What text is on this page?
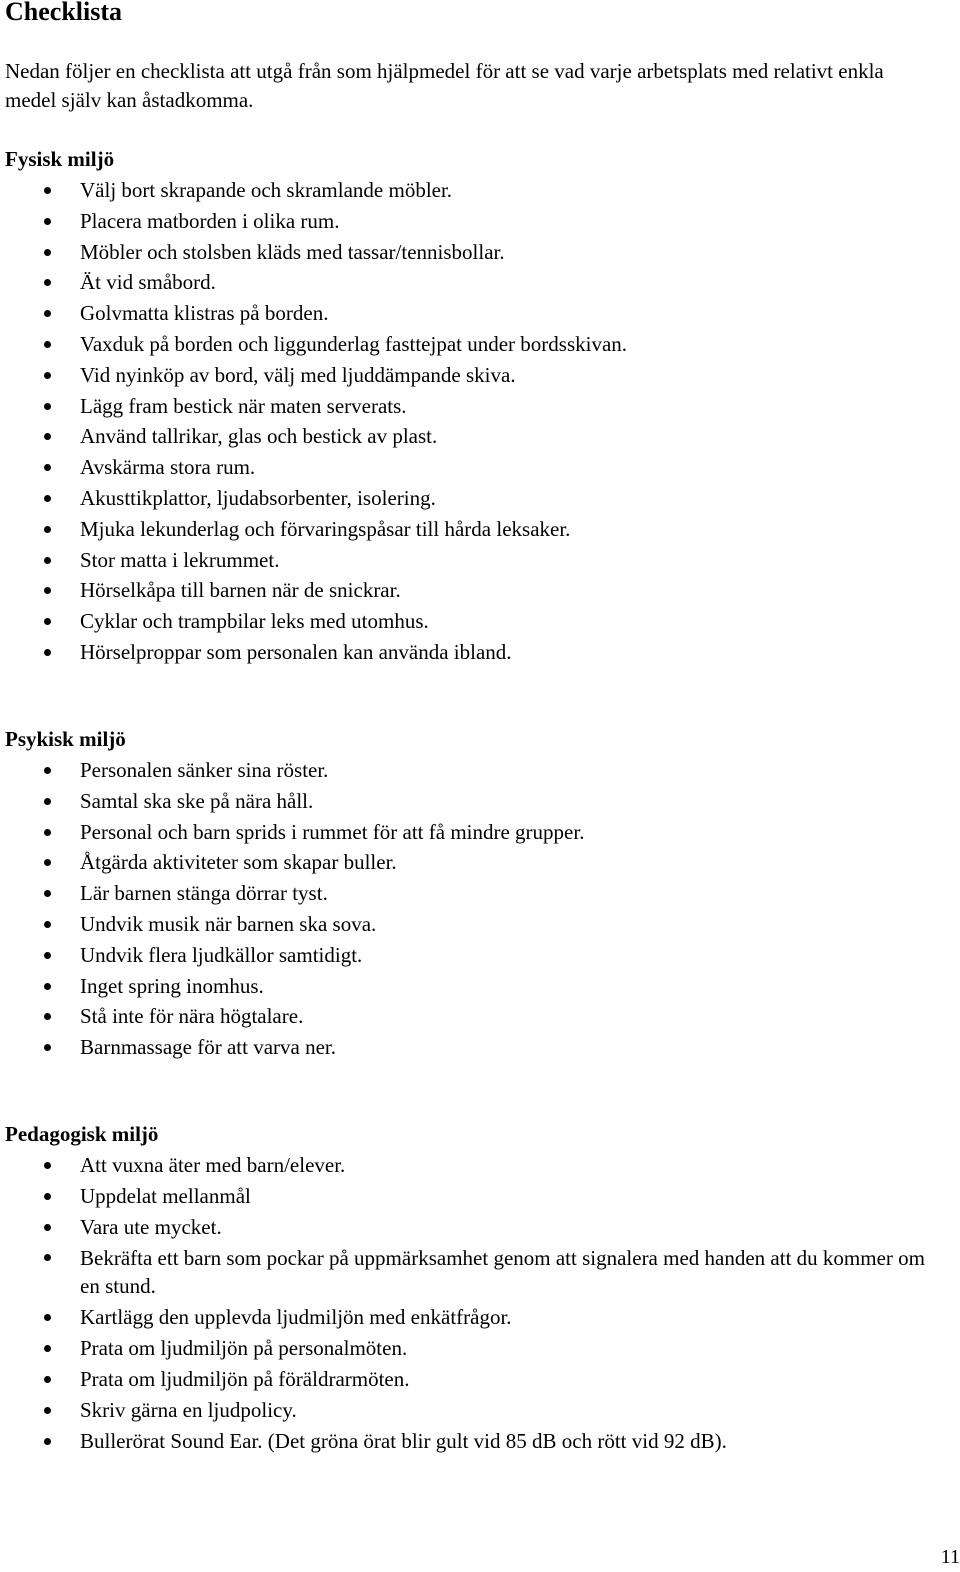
Checklista

Nedan följer en checklista att utgå från som hjälpmedel för att se vad varje arbetsplats med relativt enkla medel själv kan åstadkomma.

Fysisk miljö
Välj bort skrapande och skramlande möbler.
Placera matborden i olika rum.
Möbler och stolsben kläds med tassar/tennisbollar.
Ät vid småbord.
Golvmatta klistras på borden.
Vaxduk på borden och liggunderlag fasttejpat under bordsskivan.
Vid nyinköp av bord, välj med ljuddämpande skiva.
Lägg fram bestick när maten serverats.
Använd tallrikar, glas och bestick av plast.
Avskärma stora rum.
Akusttikplattor, ljudabsorbenter, isolering.
Mjuka lekunderlag och förvaringspåsar till hårda leksaker.
Stor matta i lekrummet.
Hörselkåpa till barnen när de snickrar.
Cyklar och trampbilar leks med utomhus.
Hörselproppar som personalen kan använda ibland.
Psykisk miljö
Personalen sänker sina röster.
Samtal ska ske på nära håll.
Personal och barn sprids i rummet för att få mindre grupper.
Åtgärda aktiviteter som skapar buller.
Lär barnen stänga dörrar tyst.
Undvik musik när barnen ska sova.
Undvik flera ljudkällor samtidigt.
Inget spring inomhus.
Stå inte för nära högtalare.
Barnmassage för att varva ner.
Pedagogisk miljö
Att vuxna äter med barn/elever.
Uppdelat mellanmål
Vara ute mycket.
Bekräfta ett barn som pockar på uppmärksamhet genom att signalera med handen att du kommer om en stund.
Kartlägg den upplevda ljudmiljön med enkätfrågor.
Prata om ljudmiljön på personalmöten.
Prata om ljudmiljön på föräldrarmöten.
Skriv gärna en ljudpolicy.
Bullerörat Sound Ear. (Det gröna örat blir gult vid 85 dB och rött vid 92 dB).
11
